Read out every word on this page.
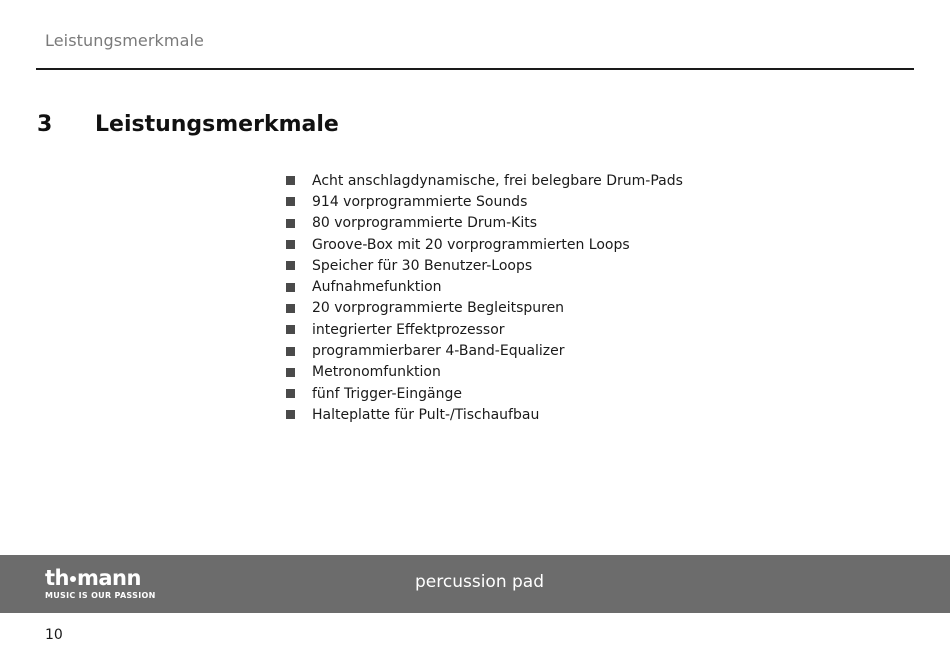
Leistungsmerkmale
3 Leistungsmerkmale
Acht anschlagdynamische, frei belegbare Drum-Pads
914 vorprogrammierte Sounds
80 vorprogrammierte Drum-Kits
Groove-Box mit 20 vorprogrammierten Loops
Speicher für 30 Benutzer-Loops
Aufnahmefunktion
20 vorprogrammierte Begleitspuren
integrierter Effektprozessor
programmierbarer 4-Band-Equalizer
Metronomfunktion
fünf Trigger-Eingänge
Halteplatte für Pult-/Tischaufbau
th mann
MUSIC IS OUR PASSION
percussion pad
10
